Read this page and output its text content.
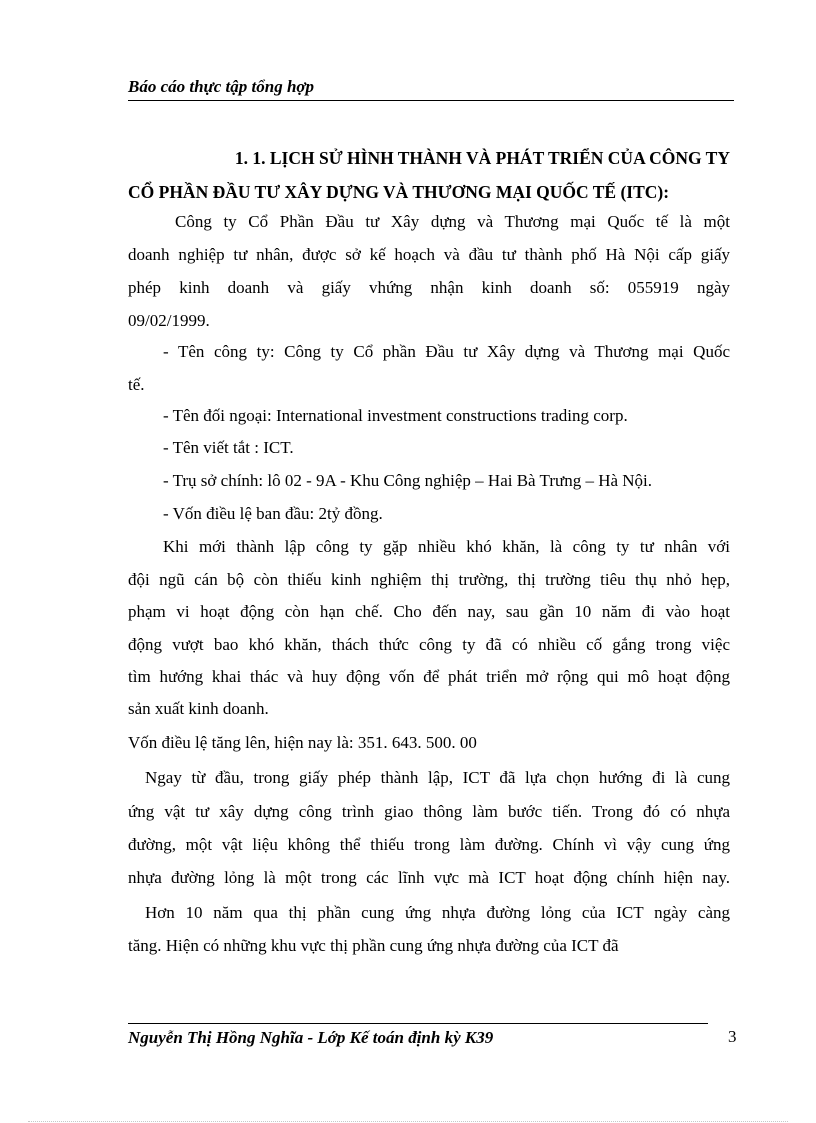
Báo cáo thực tập tổng hợp
1. 1. LỊCH SỬ HÌNH THÀNH VÀ PHÁT TRIỂN CỦA CÔNG TY
CỔ PHẦN ĐẦU TƯ XÂY DỰNG VÀ THƯƠNG MẠI QUỐC TẾ (ITC):
Công ty Cổ Phần Đầu tư Xây dựng và Thương mại Quốc tế là một
doanh nghiệp tư nhân, được sở kế hoạch và đầu tư thành phố Hà Nội cấp giấy
phép kinh doanh và giấy vhứng nhận kinh doanh số: 055919 ngày
09/02/1999.
- Tên công ty: Công ty Cổ phần Đầu tư Xây dựng và Thương mại Quốc
tế.
- Tên đối ngoại: International investment constructions trading corp.
- Tên viết tắt : ICT.
- Trụ sở chính: lô 02 - 9A - Khu Công nghiệp – Hai Bà Trưng – Hà Nội.
- Vốn điều lệ ban đầu: 2tỷ đồng.
Khi mới thành lập công ty gặp nhiều khó khăn, là công ty tư nhân với
đội ngũ cán bộ còn thiếu kinh nghiệm thị trường, thị trường tiêu thụ nhỏ hẹp,
phạm vi hoạt động còn hạn chế. Cho đến nay, sau gần 10 năm đi vào hoạt
động vượt bao khó khăn, thách thức công ty đã có nhiều cố gắng trong việc
tìm hướng khai thác và huy động vốn để phát triển mở rộng qui mô hoạt động
sản xuất kinh doanh.
Vốn điều lệ tăng lên, hiện nay là: 351. 643. 500. 00
Ngay từ đầu, trong giấy phép thành lập, ICT đã lựa chọn hướng đi là cung
ứng vật tư xây dựng công trình giao thông làm bước tiến. Trong đó có nhựa
đường, một vật liệu không thể thiếu trong làm đường. Chính vì vậy cung ứng
nhựa đường lỏng là một trong các lĩnh vực mà ICT hoạt động chính hiện nay.
Hơn 10 năm qua thị phần cung ứng nhựa đường lỏng của ICT ngày càng
tăng. Hiện có những khu vực thị phần cung ứng nhựa đường của ICT đã
Nguyễn Thị Hồng Nghĩa - Lớp Kế toán định kỳ K39	3
